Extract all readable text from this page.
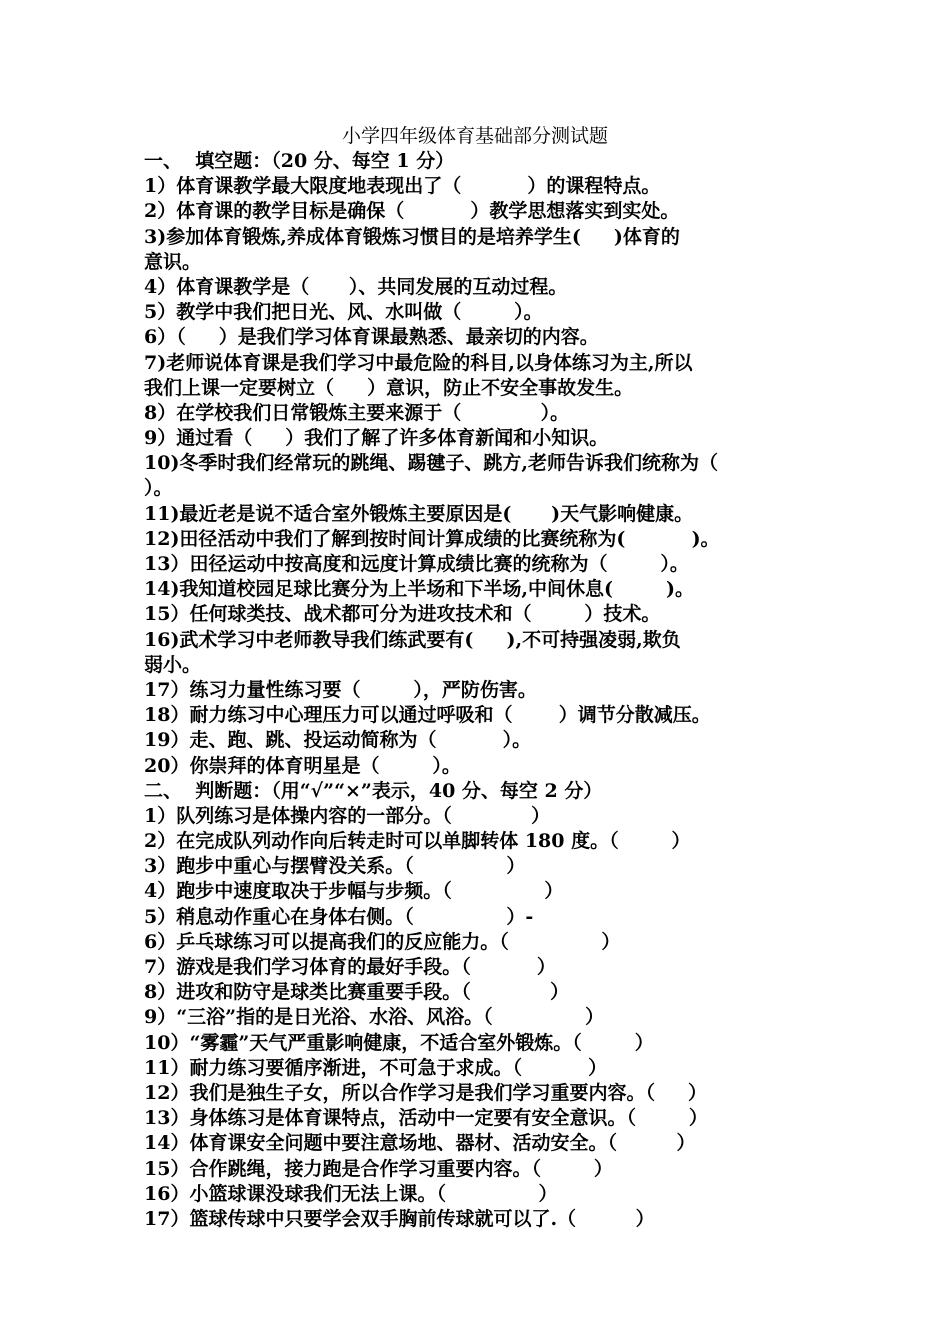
小学四年级体育基础部分测试题
一、  填空题：（20 分、每空 1 分）
1）体育课教学最大限度地表现出了（          ）的课程特点。
2）体育课的教学目标是确保（          ）教学思想落实到实处。
3)参加体育锻炼,养成体育锻炼习惯目的是培养学生(     )体育的
意识。
4）体育课教学是（      ）、共同发展的互动过程。
5）教学中我们把日光、风、水叫做（        ）。
6）（     ）是我们学习体育课最熟悉、最亲切的内容。
7)老师说体育课是我们学习中最危险的科目,以身体练习为主,所以
我们上课一定要树立（     ）意识，防止不安全事故发生。
8）在学校我们日常锻炼主要来源于（            ）。
9）通过看（     ）我们了解了许多体育新闻和小知识。
10)冬季时我们经常玩的跳绳、踢毽子、跳方,老师告诉我们统称为（
）。
11)最近老是说不适合室外锻炼主要原因是(      )天气影响健康。
12)田径活动中我们了解到按时间计算成绩的比赛统称为(          )。
13）田径运动中按高度和远度计算成绩比赛的统称为（        ）。
14)我知道校园足球比赛分为上半场和下半场,中间休息(        )。
15）任何球类技、战术都可分为进攻技术和（        ）技术。
16)武术学习中老师教导我们练武要有(     ),不可持强凌弱,欺负
弱小。
17）练习力量性练习要（        ），严防伤害。
18）耐力练习中心理压力可以通过呼吸和（       ）调节分散减压。
19）走、跑、跳、投运动简称为（          ）。
20）你崇拜的体育明星是（        ）。
二、  判断题：（用“√”“×”表示，40 分、每空 2 分）
1）队列练习是体操内容的一部分。（            ）
2）在完成队列动作向后转走时可以单脚转体 180 度。（        ）
3）跑步中重心与摆臂没关系。（              ）
4）跑步中速度取决于步幅与步频。（              ）
5）稍息动作重心在身体右侧。（              ）-
6）乒乓球练习可以提高我们的反应能力。（              ）
7）游戏是我们学习体育的最好手段。（          ）
8）进攻和防守是球类比赛重要手段。（            ）
9）“三浴”指的是日光浴、水浴、风浴。（              ）
10）“雾霾”天气严重影响健康，不适合室外锻炼。（        ）
11）耐力练习要循序渐进，不可急于求成。（          ）
12）我们是独生子女，所以合作学习是我们学习重要内容。（     ）
13）身体练习是体育课特点，活动中一定要有安全意识。（        ）
14）体育课安全问题中要注意场地、器材、活动安全。（         ）
15）合作跳绳，接力跑是合作学习重要内容。（        ）
16）小篮球课没球我们无法上课。（              ）
17）篮球传球中只要学会双手胸前传球就可以了.（         ）
